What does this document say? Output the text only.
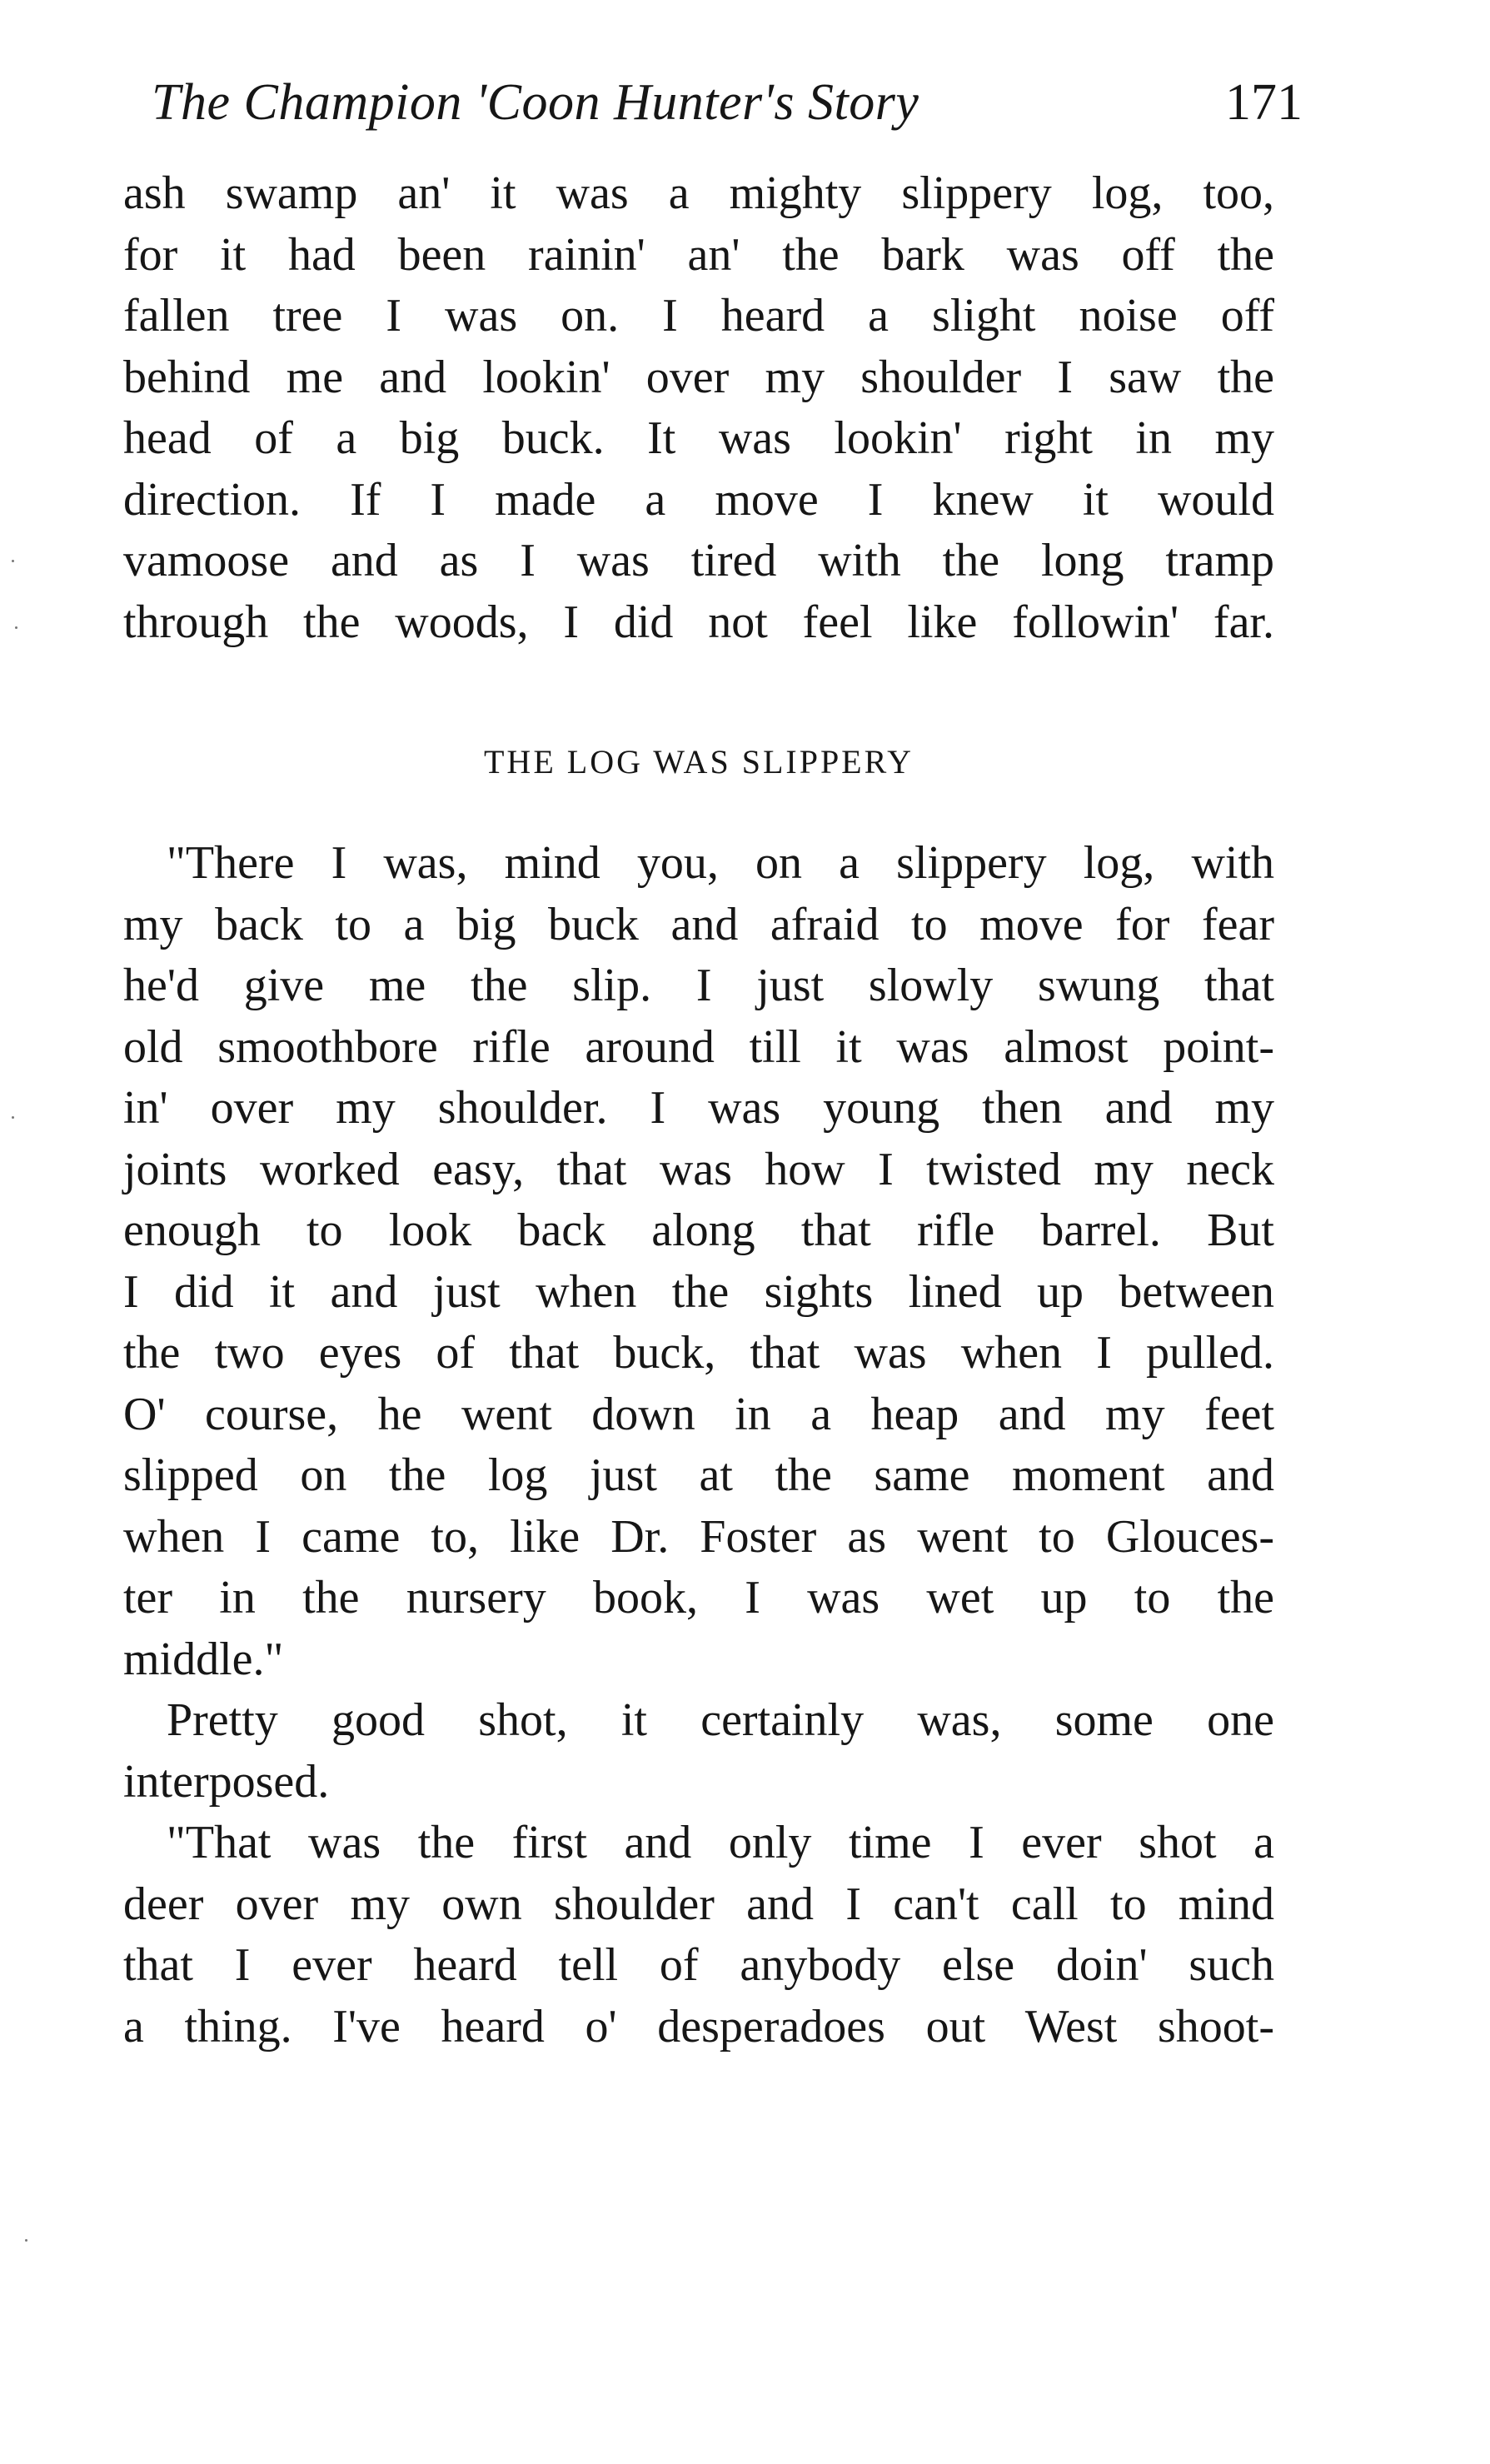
The Champion 'Coon Hunter's Story	171
ash swamp an' it was a mighty slippery log, too,
for it had been rainin' an' the bark was off the
fallen tree I was on. I heard a slight noise off
behind me and lookin' over my shoulder I saw the
head of a big buck. It was lookin' right in my
direction. If I made a move I knew it would
vamoose and as I was tired with the long tramp
through the woods, I did not feel like followin' far.
THE LOG WAS SLIPPERY
"There I was, mind you, on a slippery log, with
my back to a big buck and afraid to move for fear
he'd give me the slip. I just slowly swung that
old smoothbore rifle around till it was almost point-
in' over my shoulder. I was young then and my
joints worked easy, that was how I twisted my neck
enough to look back along that rifle barrel. But
I did it and just when the sights lined up between
the two eyes of that buck, that was when I pulled.
O' course, he went down in a heap and my feet
slipped on the log just at the same moment and
when I came to, like Dr. Foster as went to Glouces-
ter in the nursery book, I was wet up to the
middle."
Pretty good shot, it certainly was, some one
interposed.
"That was the first and only time I ever shot a
deer over my own shoulder and I can't call to mind
that I ever heard tell of anybody else doin' such
a thing. I've heard o' desperadoes out West shoot-
